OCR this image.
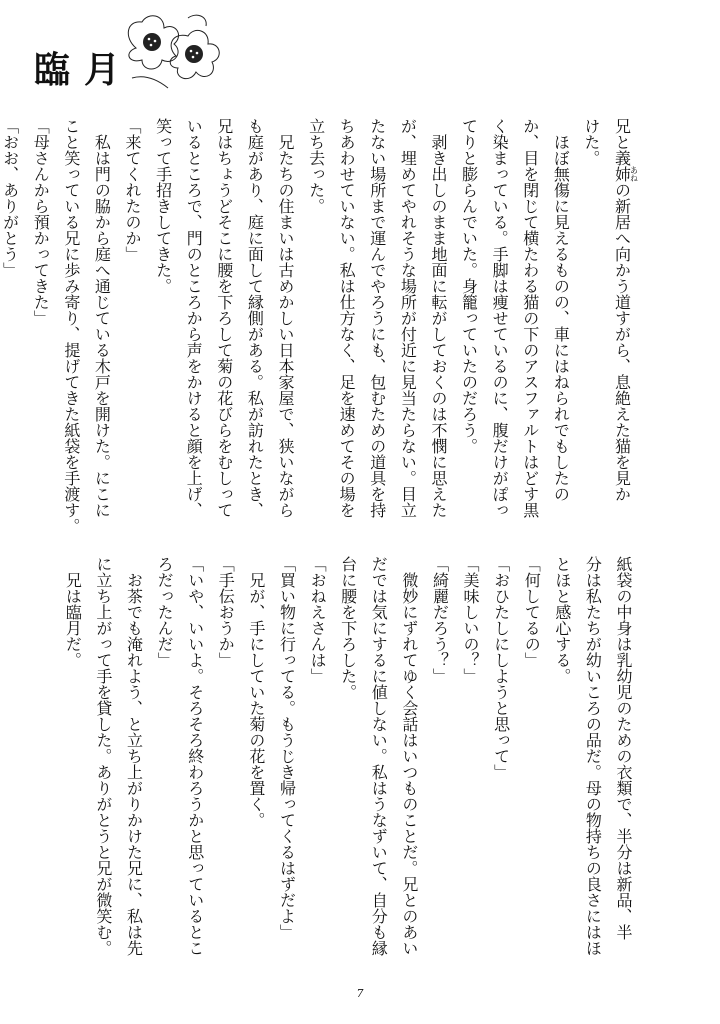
臨月

兄と義姉あねの新居へ向かう道すがら、息絶えた猫を見か

けた。

　ほぼ無傷に見えるものの、車にはねられでもしたの

か、目を閉じて横たわる猫の下のアスファルトはどす黒

く染まっている。手脚は痩せているのに、腹だけがぽっ

てりと膨らんでいた。身籠っていたのだろう。

　剥き出しのまま地面に転がしておくのは不憫に思えた

が、埋めてやれそうな場所が付近に見当たらない。目立

たない場所まで運んでやろうにも、包むための道具を持

ちあわせていない。私は仕方なく、足を速めてその場を

立ち去った。

　兄たちの住まいは古めかしい日本家屋で、狭いながら

も庭があり、庭に面して縁側がある。私が訪れたとき、

兄はちょうどそこに腰を下ろして菊の花びらをむしって

いるところで、門のところから声をかけると顔を上げ、

笑って手招きしてきた。

「来てくれたのか」

　私は門の脇から庭へ通じている木戸を開けた。にこに

こと笑っている兄に歩み寄り、提げてきた紙袋を手渡す。

「母さんから預かってきた」

「おお、ありがとう」

紙袋の中身は乳幼児のための衣類で、半分は新品、半

分は私たちが幼いころの品だ。母の物持ちの良さにはほ

とほと感心する。

「何してるの」

「おひたしにしようと思って」

「美味しいの？」

「綺麗だろう？」

　微妙にずれてゆく会話はいつものことだ。兄とのあい

だでは気にするに値しない。私はうなずいて、自分も縁

台に腰を下ろした。

「おねえさんは」

「買い物に行ってる。もうじき帰ってくるはずだよ」

　兄が、手にしていた菊の花を置く。

「手伝おうか」

「いや、いいよ。そろそろ終わろうかと思っているとこ

ろだったんだ」

　お茶でも淹れよう、と立ち上がりかけた兄に、私は先

に立ち上がって手を貸した。ありがとうと兄が微笑む。

　兄は臨月だ。

7
